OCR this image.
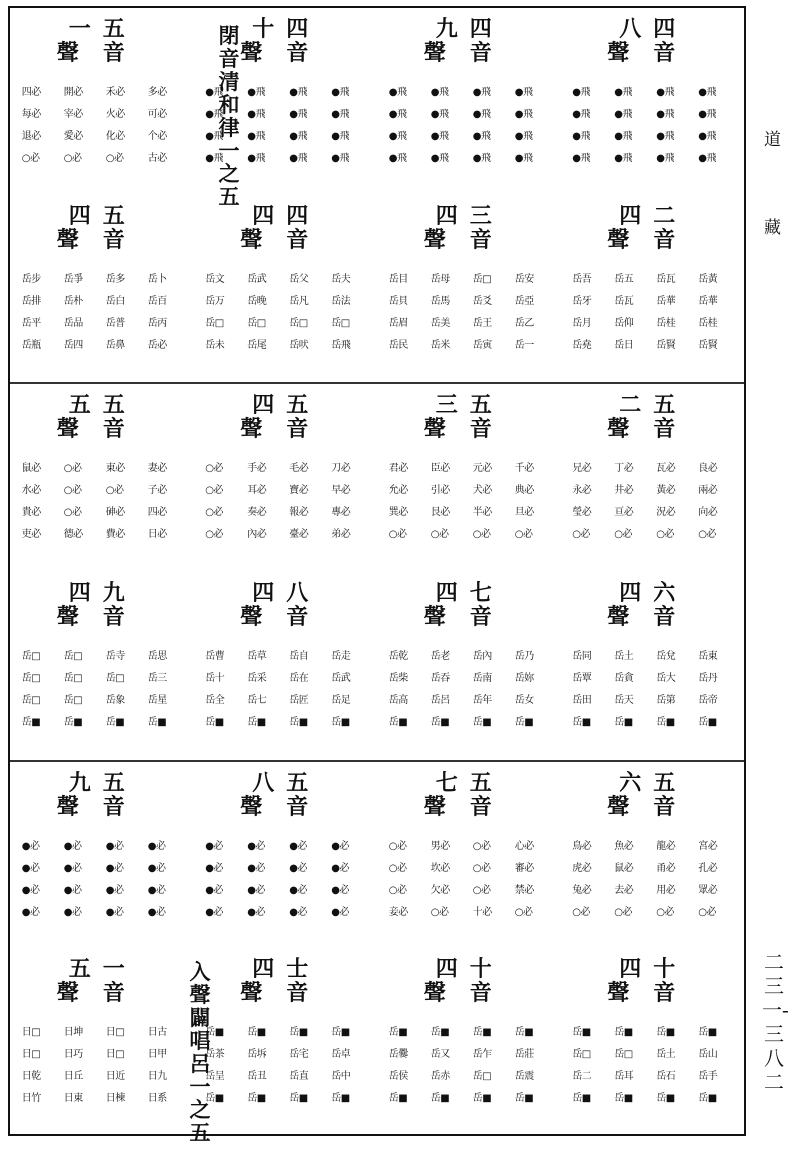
一 五
聲 音
四必	開必	禾必	多必
每必	宰必	火必	可必
退必	愛必	化必	个必
○必	○必	○必	古必
十 四
聲 音
●飛	●飛	●飛	●飛
●飛	●飛	●飛	●飛
●飛	●飛	●飛	●飛
●飛	●飛	●飛	●飛
九 四
聲 音
●飛	●飛	●飛	●飛
●飛	●飛	●飛	●飛
●飛	●飛	●飛	●飛
●飛	●飛	●飛	●飛
八 四
聲 音
●飛	●飛	●飛	●飛
●飛	●飛	●飛	●飛
●飛	●飛	●飛	●飛
●飛	●飛	●飛	●飛
四 五
聲 音
岳步	岳爭	岳多	岳卜
岳排	岳朴	岳白	岳百
岳平	岳品	岳普	岳丙
岳瓶	岳四	岳鼻	岳必
四 四
聲 音
岳文	岳武	岳父	岳夫
岳万	岳晚	岳凡	岳法
岳□	岳□	岳□	岳□
岳未	岳尾	岳吠	岳飛
四 三
聲 音
岳目	岳母	岳□	岳安
岳貝	岳馬	岳爻	岳亞
岳眉	岳美	岳王	岳乙
岳民	岳米	岳寅	岳一
四 二
聲 音
岳吾	岳五	岳瓦	岳黃
岳牙	岳瓦	岳華	岳華
岳月	岳仰	岳桂	岳桂
岳堯	岳日	岳賢	岳賢
閉音清和律一之五
五 五
聲 音
鼠必	○必	東必	妻必
水必	○必	○必	子必
貴必	○必	砷必	四必
吏必	德必	費必	日必
四 五
聲 音
○必	手必	毛必	刀必
○必	耳必	寶必	早必
○必	奏必	報必	專必
○必	內必	臺必	弟必
三 五
聲 音
君必	臣必	元必	千必
允必	引必	犬必	典必
巽必	艮必	半必	旦必
○必	○必	○必	○必
二 五
聲 音
兄必	丁必	瓦必	良必
永必	井必	黃必	兩必
瑩必	亘必	況必	向必
○必	○必	○必	○必
四 九
聲 音
岳□	岳□	岳寺	岳思
岳□	岳□	岳□	岳三
岳□	岳□	岳象	岳星
岳■	岳■	岳■	岳■
四 八
聲 音
岳曹	岳草	岳自	岳走
岳十	岳采	岳在	岳武
岳全	岳七	岳匠	岳足
岳■	岳■	岳■	岳■
四 七
聲 音
岳乾	岳老	岳內	岳乃
岳柴	岳吞	岳南	岳妳
岳高	岳呂	岳年	岳女
岳■	岳■	岳■	岳■
四 六
聲 音
岳同	岳土	岳兌	岳東
岳覃	岳貪	岳大	岳丹
岳田	岳天	岳第	岳帝
岳■	岳■	岳■	岳■
九 五
聲 音
●必	●必	●必	●必
●必	●必	●必	●必
●必	●必	●必	●必
●必	●必	●必	●必
八 五
聲 音
●必	●必	●必	●必
●必	●必	●必	●必
●必	●必	●必	●必
●必	●必	●必	●必
七 五
聲 音
○必	男必	○必	心必
○必	坎必	○必	審必
○必	欠必	○必	禁必
妾必	○必	十必	○必
六 五
聲 音
鳥必	魚必	龍必	宮必
虎必	鼠必	甬必	孔必
兔必	去必	用必	眾必
○必	○必	○必	○必
五 一
聲 音
日□	日坤	日□	日古
日□	日巧	日□	日甲
日乾	日丘	日近	日九
日竹	日東	日棟	日系
四 士
聲 音
岳■	岳■	岳■	岳■
岳茶	岳坼	岳宅	岳卓
岳呈	岳丑	岳直	岳中
岳■	岳■	岳■	岳■
四 十
聲 音
岳■	岳■	岳■	岳■
岳爨	岳又	岳乍	岳莊
岳侯	岳赤	岳□	岳震
岳■	岳■	岳■	岳■
四 十
聲 音
岳■	岳■	岳■	岳■
岳□	岳□	岳土	岳山
岳二	岳耳	岳石	岳手
岳■	岳■	岳■	岳■
入聲闢唱呂一之五
道藏
二三一-三八二
